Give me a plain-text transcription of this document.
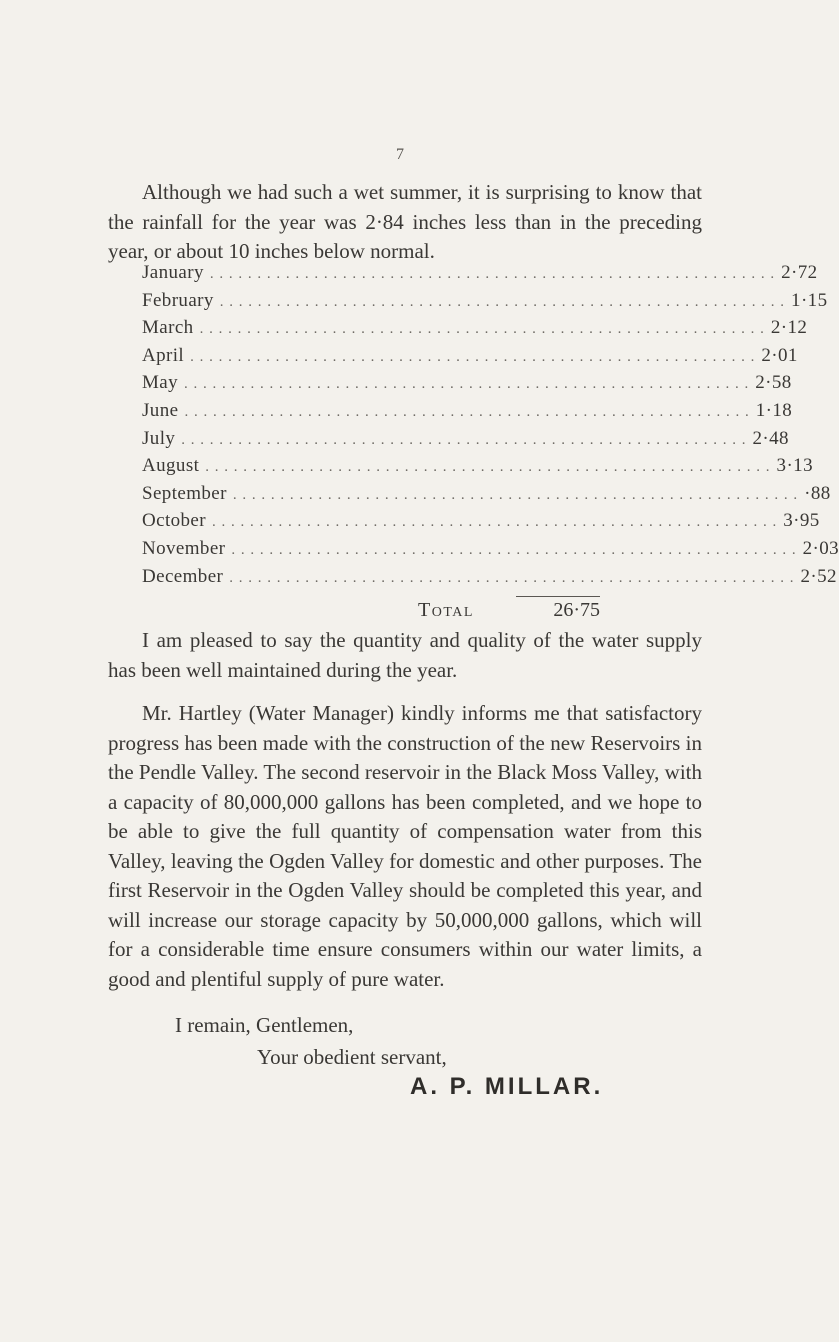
7

Although we had such a wet summer, it is surprising to know that the rainfall for the year was 2·84 inches less than in the preceding year, or about 10 inches below normal.

January . . . . . . . . . . . . . . . . . . . . . . . . . . . . . . . . . . . . . . . . . . . . . . . . . . . . . . . . . . . . 2·72
February . . . . . . . . . . . . . . . . . . . . . . . . . . . . . . . . . . . . . . . . . . . . . . . . . . . . . . . . . . . . 1·15
March . . . . . . . . . . . . . . . . . . . . . . . . . . . . . . . . . . . . . . . . . . . . . . . . . . . . . . . . . . . . 2·12
April . . . . . . . . . . . . . . . . . . . . . . . . . . . . . . . . . . . . . . . . . . . . . . . . . . . . . . . . . . . . 2·01
May . . . . . . . . . . . . . . . . . . . . . . . . . . . . . . . . . . . . . . . . . . . . . . . . . . . . . . . . . . . . 2·58
June . . . . . . . . . . . . . . . . . . . . . . . . . . . . . . . . . . . . . . . . . . . . . . . . . . . . . . . . . . . . 1·18
July . . . . . . . . . . . . . . . . . . . . . . . . . . . . . . . . . . . . . . . . . . . . . . . . . . . . . . . . . . . . 2·48
August . . . . . . . . . . . . . . . . . . . . . . . . . . . . . . . . . . . . . . . . . . . . . . . . . . . . . . . . . . . . 3·13
September . . . . . . . . . . . . . . . . . . . . . . . . . . . . . . . . . . . . . . . . . . . . . . . . . . . . . . . . . . . . ·88
October . . . . . . . . . . . . . . . . . . . . . . . . . . . . . . . . . . . . . . . . . . . . . . . . . . . . . . . . . . . . 3·95
November . . . . . . . . . . . . . . . . . . . . . . . . . . . . . . . . . . . . . . . . . . . . . . . . . . . . . . . . . . . . 2·03
December . . . . . . . . . . . . . . . . . . . . . . . . . . . . . . . . . . . . . . . . . . . . . . . . . . . . . . . . . . . . 2·52
Total	26·75

I am pleased to say the quantity and quality of the water supply has been well maintained during the year.

Mr. Hartley (Water Manager) kindly informs me that satisfactory progress has been made with the construction of the new Reservoirs in the Pendle Valley. The second reservoir in the Black Moss Valley, with a capacity of 80,000,000 gallons has been completed, and we hope to be able to give the full quantity of compensation water from this Valley, leaving the Ogden Valley for domestic and other purposes. The first Reservoir in the Ogden Valley should be completed this year, and will increase our storage capacity by 50,000,000 gallons, which will for a considerable time ensure consumers within our water limits, a good and plentiful supply of pure water.

I remain, Gentlemen,
Your obedient servant,
A. P. MILLAR.
